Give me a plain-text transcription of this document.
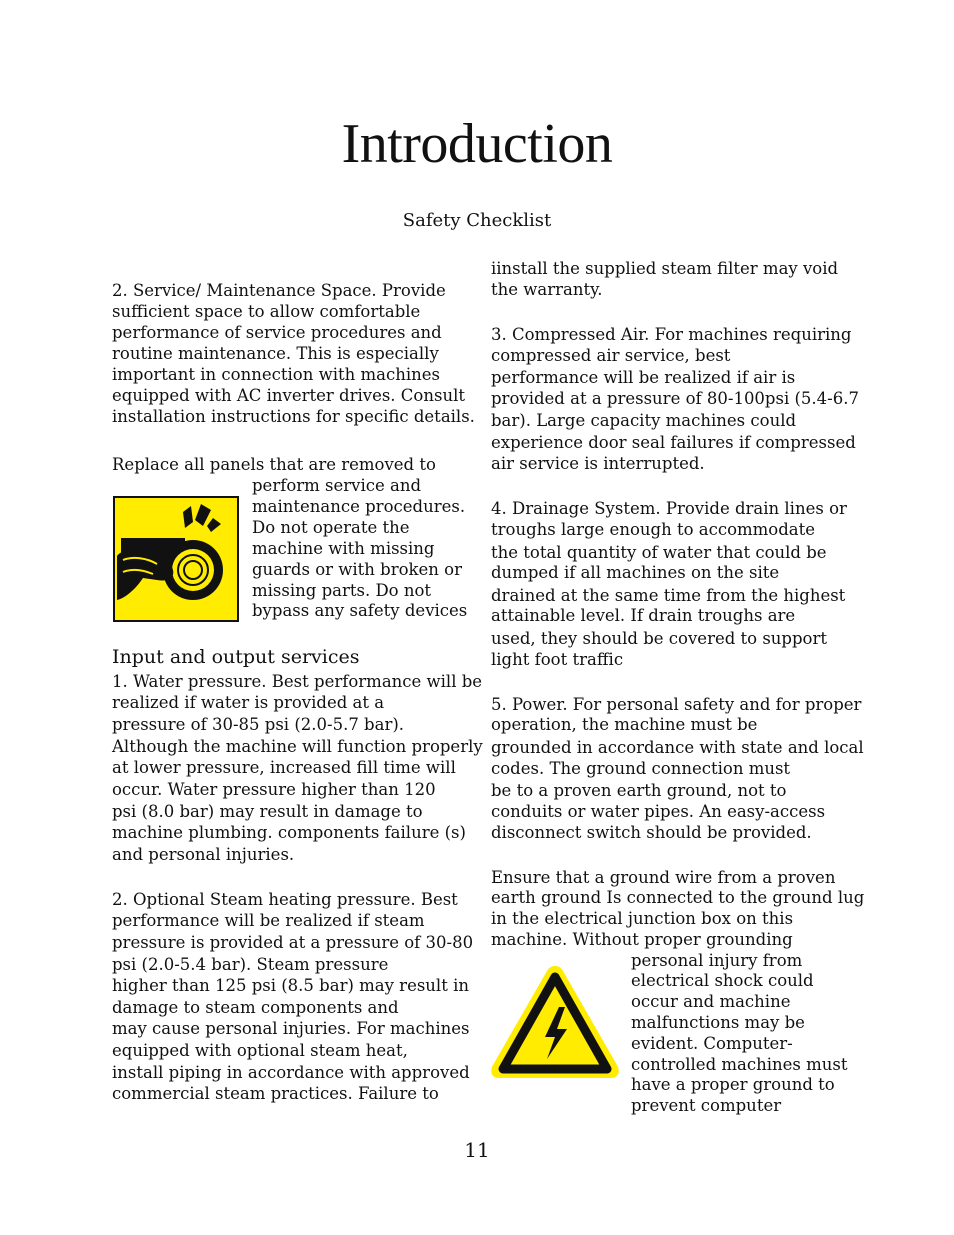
Introduction
Safety Checklist
2. Service/ Maintenance Space. Provide
sufficient space to allow comfortable
performance of service procedures and
routine maintenance. This is especially
important in connection with machines
equipped with AC inverter drives. Consult
installation instructions for specific details.
Replace all panels that are removed to
perform service and
maintenance procedures.
Do not operate the
machine with missing
guards or with broken or
missing parts. Do not
bypass any safety devices
Input and output services
1. Water pressure. Best performance will be
realized if water is provided at a
pressure of 30-85 psi (2.0-5.7 bar).
Although the machine will function properly
at lower pressure, increased fill time will
occur. Water pressure higher than 120
psi (8.0 bar) may result in damage to
machine plumbing. components failure (s)
and personal injuries.
2. Optional Steam heating pressure. Best
performance will be realized if steam
pressure is provided at a pressure of 30-80
psi (2.0-5.4 bar). Steam pressure
higher than 125 psi (8.5 bar) may result in
damage to steam components and
may cause personal injuries. For machines
equipped with optional steam heat,
install piping in accordance with approved
commercial steam practices. Failure to
iinstall the supplied steam filter may void
the warranty.
3. Compressed Air. For machines requiring
compressed air service, best
performance will be realized if air is
provided at a pressure of 80-100psi (5.4-6.7
bar). Large capacity machines could
experience door seal failures if compressed
air service is interrupted.
4. Drainage System. Provide drain lines or
troughs large enough to accommodate
the total quantity of water that could be
dumped if all machines on the site
drained at the same time from the highest
attainable level. If drain troughs are
used, they should be covered to support
light foot traffic
5. Power. For personal safety and for proper
operation, the machine must be
grounded in accordance with state and local
codes. The ground connection must
be to a proven earth ground, not to
conduits or water pipes. An easy-access
disconnect switch should be provided.
Ensure that a ground wire from a proven
earth ground Is connected to the ground lug
in the electrical junction box on this
machine. Without proper grounding
personal injury from
electrical shock could
occur and machine
malfunctions may be
evident. Computer-
controlled machines must
have a proper ground to
prevent computer
11
